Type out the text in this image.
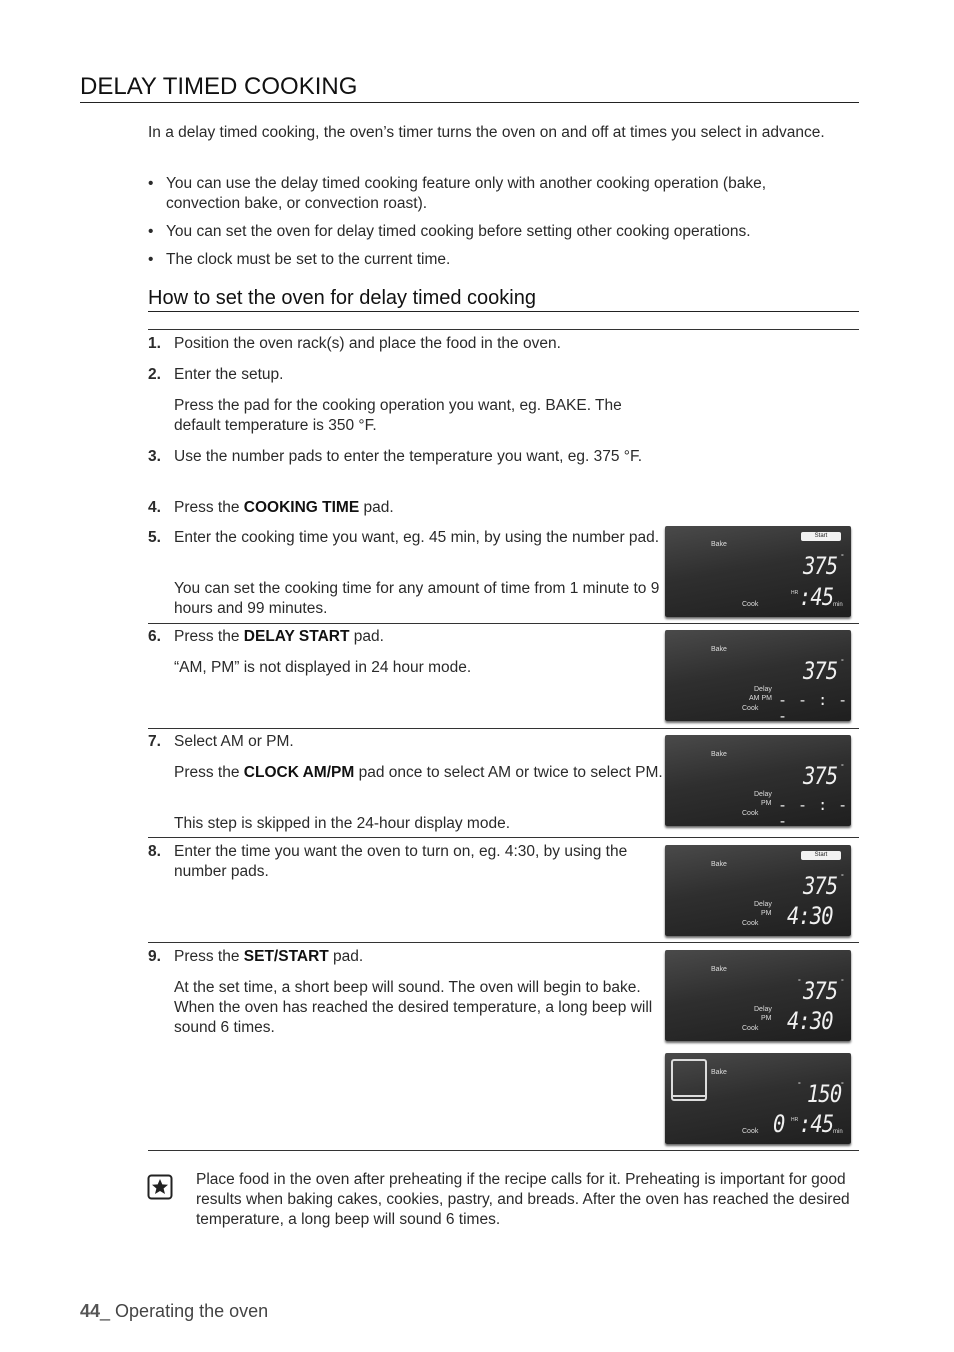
DELAY TIMED COOKING
In a delay timed cooking, the oven’s timer turns the oven on and off at times you select in advance.
• You can use the delay timed cooking feature only with another cooking operation (bake, convection bake, or convection roast).
• You can set the oven for delay timed cooking before setting other cooking operations.
• The clock must be set to the current time.
How to set the oven for delay timed cooking
1. Position the oven rack(s) and place the food in the oven.
2. Enter the setup.
Press the pad for the cooking operation you want, eg. BAKE. The default temperature is 350 °F.
3. Use the number pads to enter the temperature you want, eg. 375 °F.
4. Press the COOKING TIME pad.
5. Enter the cooking time you want, eg. 45 min, by using the number pad.
You can set the cooking time for any amount of time from 1 minute to 9 hours and 99 minutes.
Bake
Start
375 °
HR :45 min
Cook
6. Press the DELAY START pad.
“AM, PM” is not displayed in 24 hour mode.
Bake
375 °
Delay
AM PM - - : - -
Cook
7. Select AM or PM.
Press the CLOCK AM/PM pad once to select AM or twice to select PM.
This step is skipped in the 24-hour display mode.
Bake
375 °
Delay
PM - - : - -
Cook
8. Enter the time you want the oven to turn on, eg. 4:30, by using the number pads.	Bake
Start
375 °
Delay
PM 4:30
Cook
9. Press the SET/START pad.
At the set time, a short beep will sound. The oven will begin to bake. When the oven has reached the desired temperature, a long beep will sound 6 times.
Bake
° 375 °
Delay
PM 4:30
Cook
Bake
° 150 °
0 HR :45 min
Cook
Place food in the oven after preheating if the recipe calls for it. Preheating is important for good results when baking cakes, cookies, pastry, and breads. After the oven has reached the desired temperature, a long beep will sound 6 times.
44_ Operating the oven
